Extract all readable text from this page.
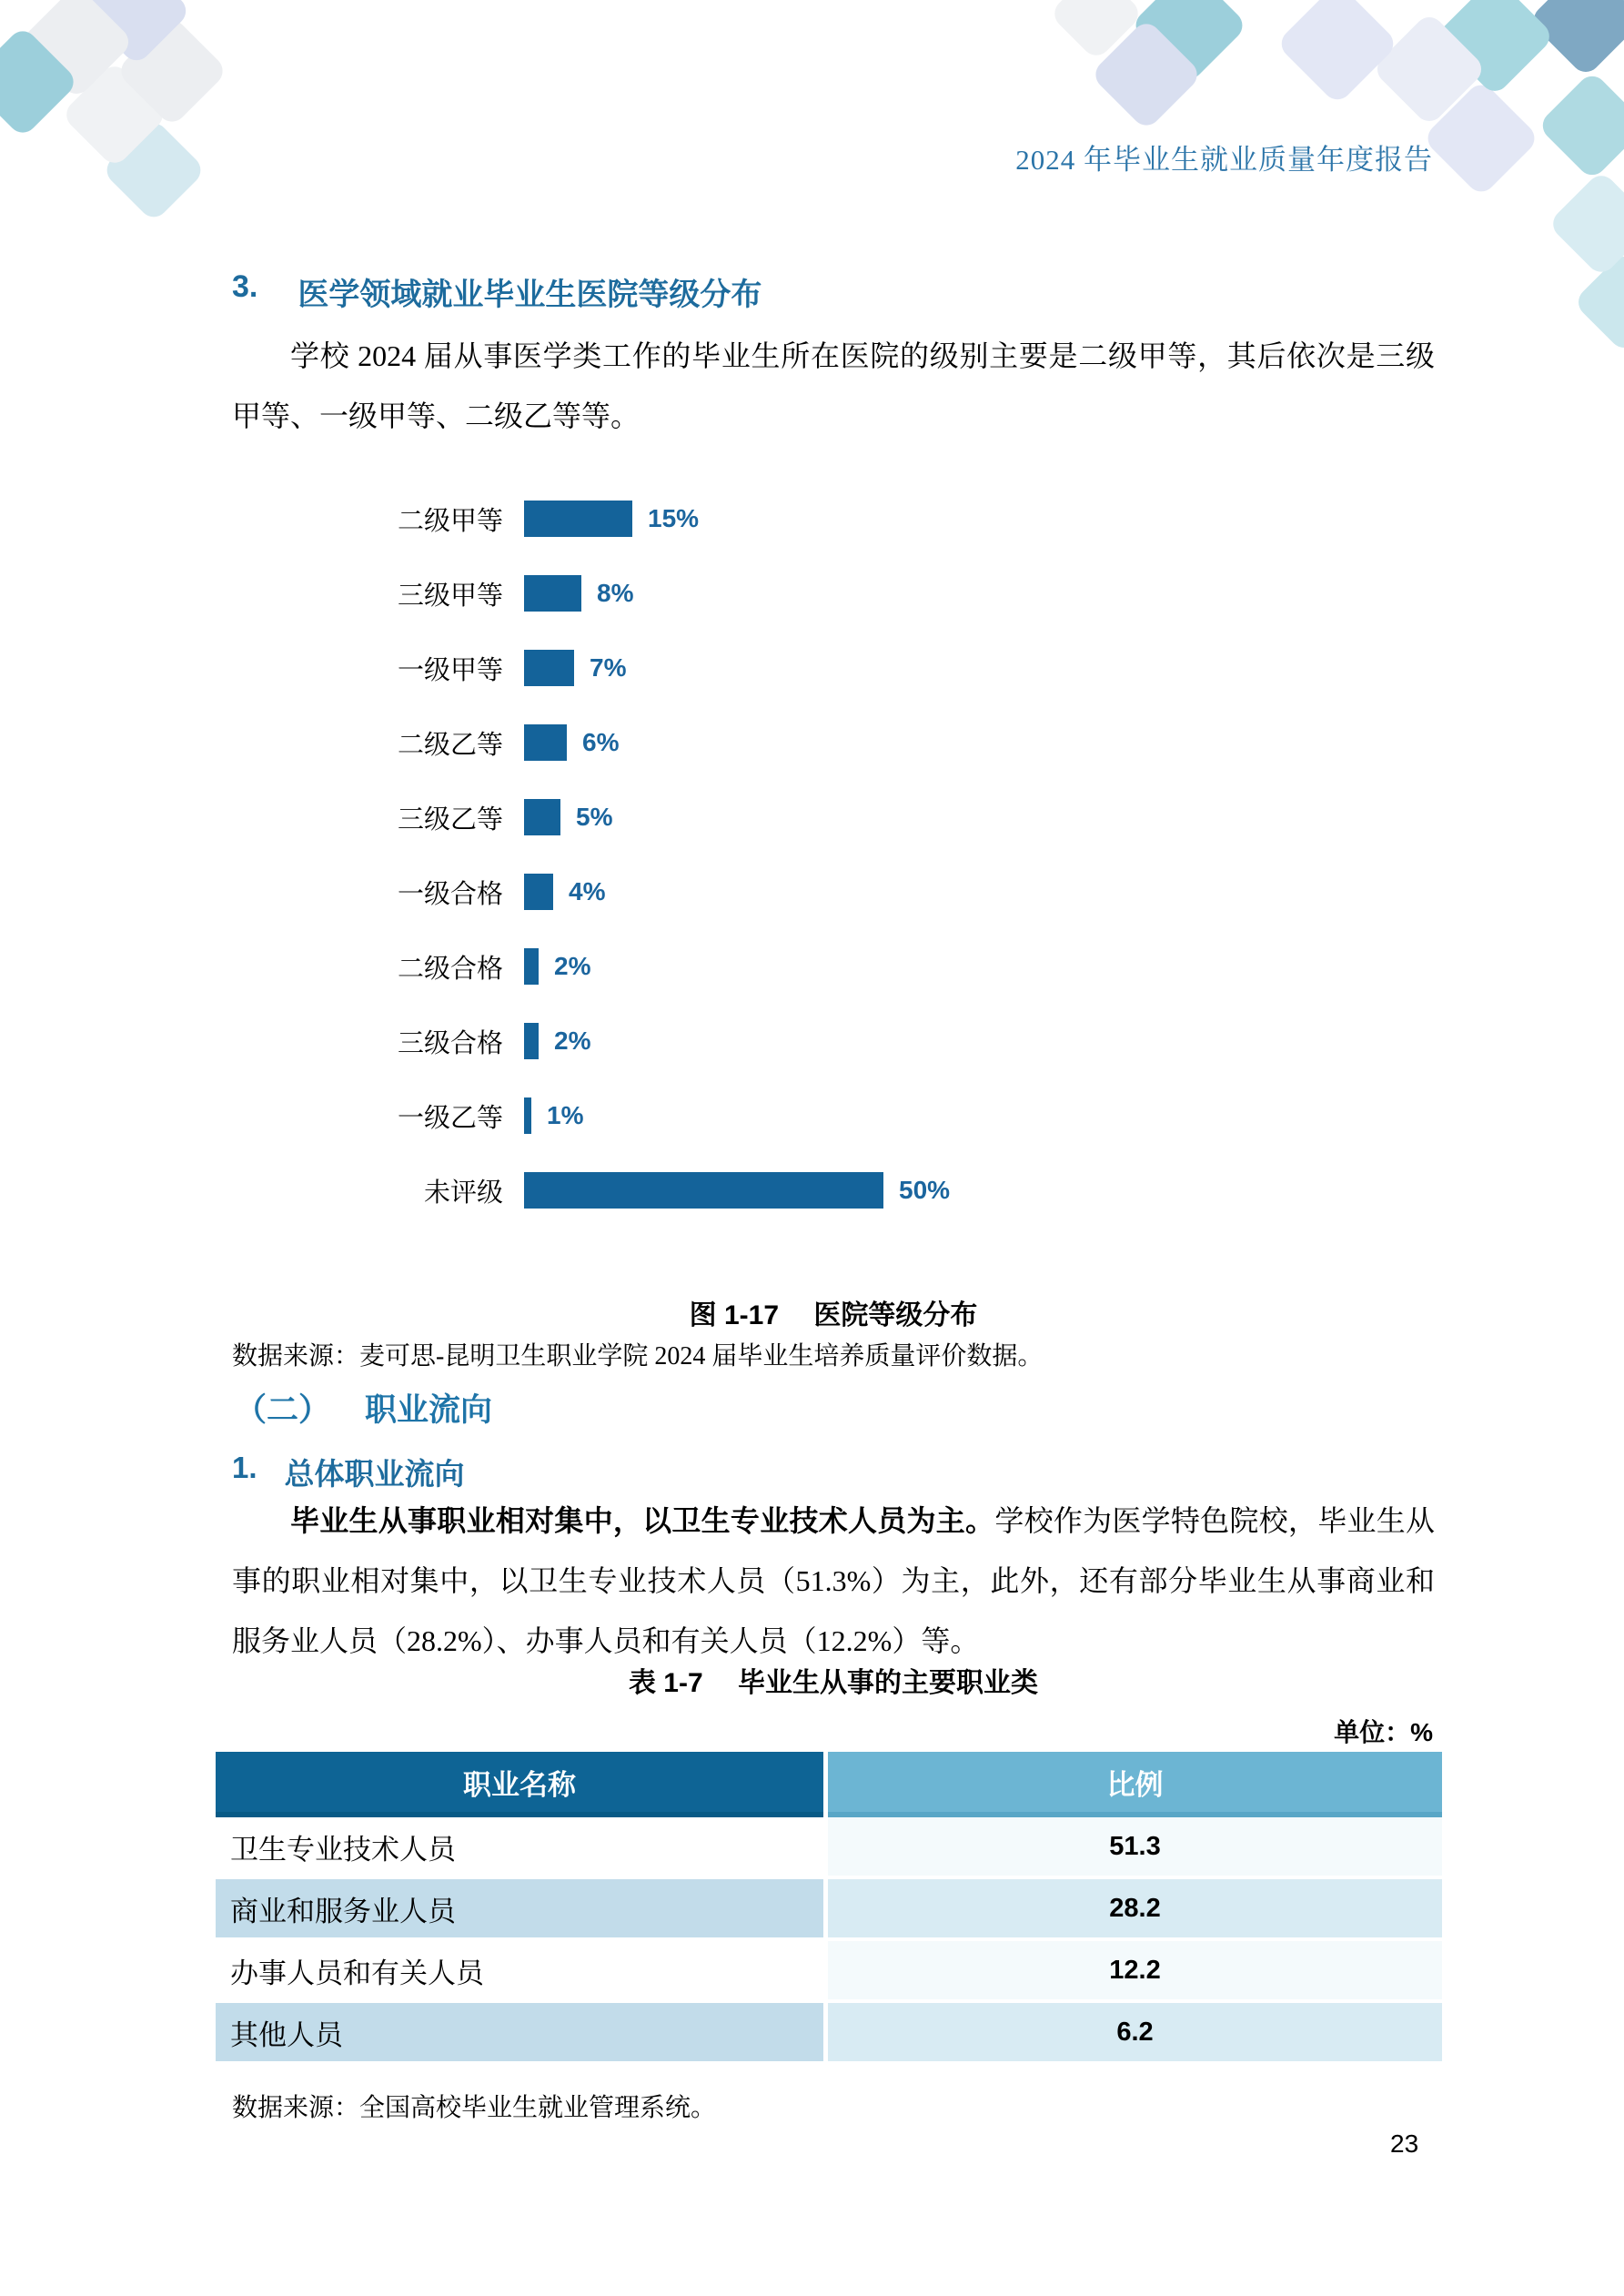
2024 年毕业生就业质量年度报告
3. 医学领域就业毕业生医院等级分布
学校 2024 届从事医学类工作的毕业生所在医院的级别主要是二级甲等，其后依次是三级甲等、一级甲等、二级乙等等。
二级甲等	15%
三级甲等	8%
一级甲等	7%
二级乙等	6%
三级乙等	5%
一级合格	4%
二级合格	2%
三级合格	2%
一级乙等	1%
未评级	50%
图 1-17 医院等级分布
数据来源：麦可思-昆明卫生职业学院 2024 届毕业生培养质量评价数据。
（二） 职业流向
1. 总体职业流向
毕业生从事职业相对集中，以卫生专业技术人员为主。学校作为医学特色院校，毕业生从事的职业相对集中，以卫生专业技术人员（51.3%）为主，此外，还有部分毕业生从事商业和服务业人员（28.2%）、办事人员和有关人员（12.2%）等。
表 1-7 毕业生从事的主要职业类
单位：%
职业名称	比例
卫生专业技术人员	51.3
商业和服务业人员	28.2
办事人员和有关人员	12.2
其他人员	6.2
数据来源：全国高校毕业生就业管理系统。
23
